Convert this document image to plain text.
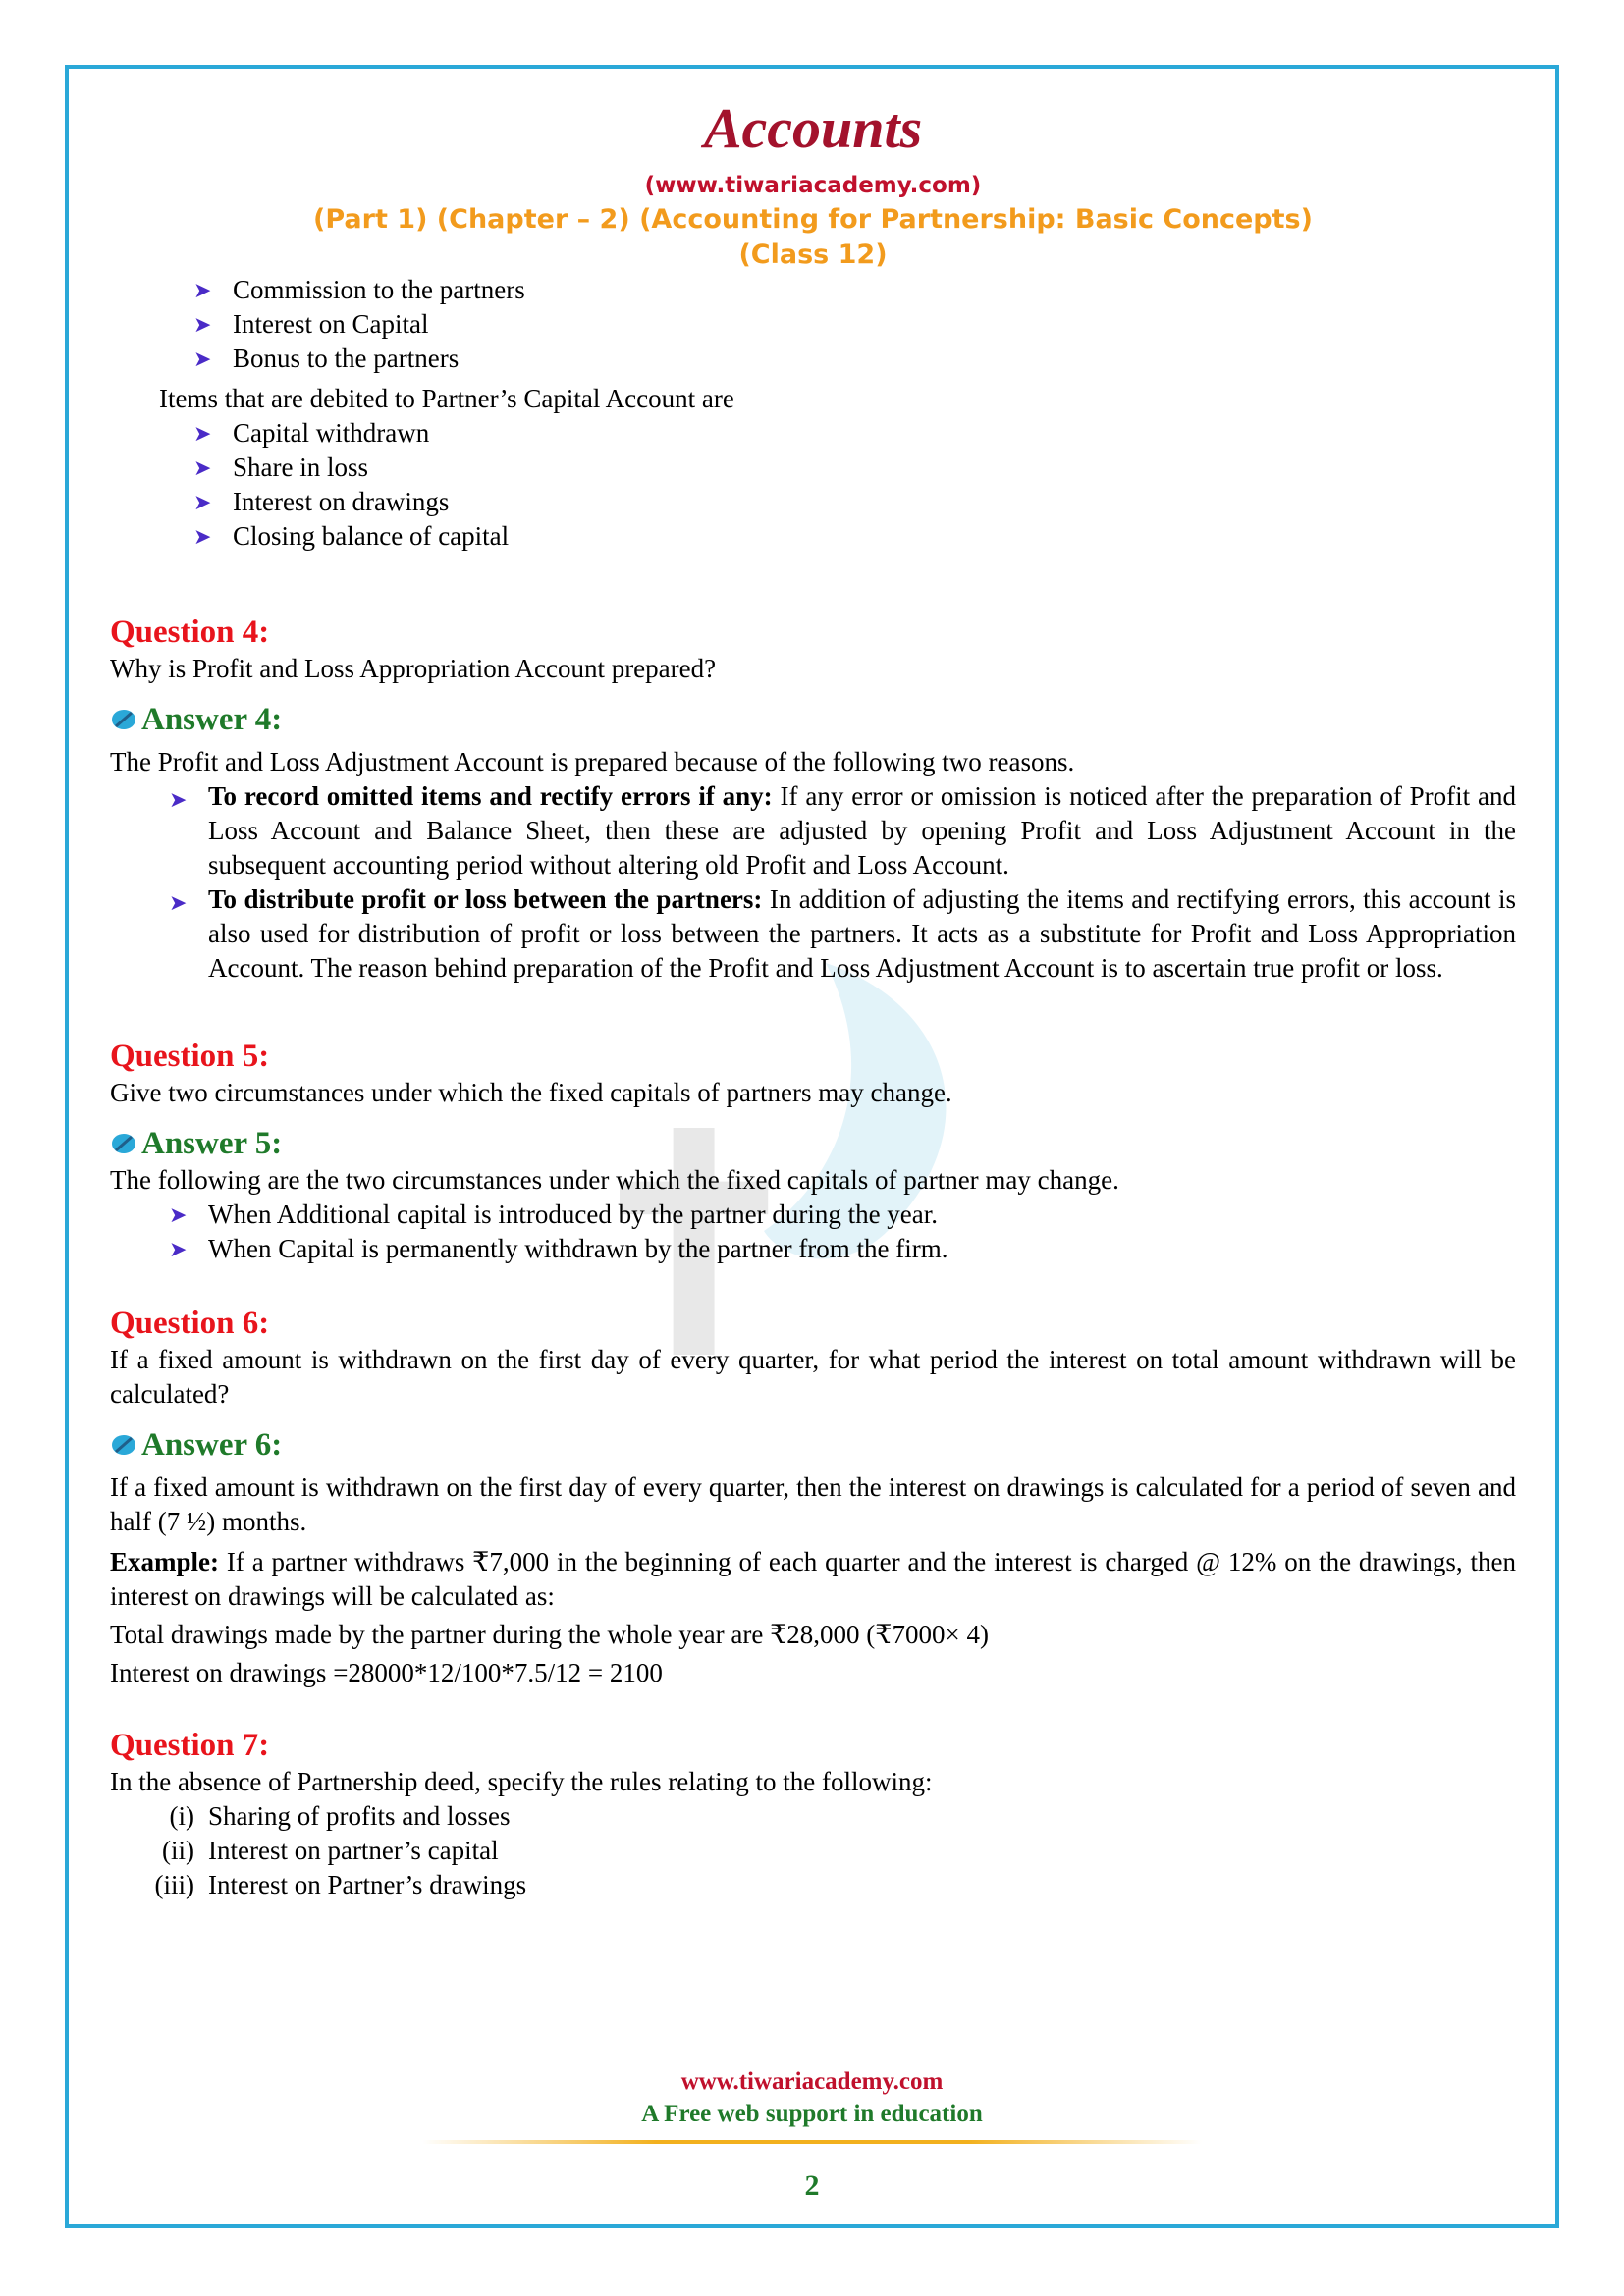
Accounts
(www.tiwariacademy.com)
(Part 1) (Chapter – 2) (Accounting for Partnership: Basic Concepts)
(Class 12)
➤ Commission to the partners
➤ Interest on Capital
➤ Bonus to the partners
Items that are debited to Partner’s Capital Account are
➤ Capital withdrawn
➤ Share in loss
➤ Interest on drawings
➤ Closing balance of capital
Question 4:
Why is Profit and Loss Appropriation Account prepared?
Answer 4:
The Profit and Loss Adjustment Account is prepared because of the following two reasons.
➤ To record omitted items and rectify errors if any: If any error or omission is noticed after the preparation of Profit and Loss Account and Balance Sheet, then these are adjusted by opening Profit and Loss Adjustment Account in the subsequent accounting period without altering old Profit and Loss Account.
➤ To distribute profit or loss between the partners: In addition of adjusting the items and rectifying errors, this account is also used for distribution of profit or loss between the partners. It acts as a substitute for Profit and Loss Appropriation Account. The reason behind preparation of the Profit and Loss Adjustment Account is to ascertain true profit or loss.
Question 5:
Give two circumstances under which the fixed capitals of partners may change.
Answer 5:
The following are the two circumstances under which the fixed capitals of partner may change.
➤ When Additional capital is introduced by the partner during the year.
➤ When Capital is permanently withdrawn by the partner from the firm.
Question 6:
If a fixed amount is withdrawn on the first day of every quarter, for what period the interest on total amount withdrawn will be calculated?
Answer 6:
If a fixed amount is withdrawn on the first day of every quarter, then the interest on drawings is calculated for a period of seven and half (7 ½) months.
Example: If a partner withdraws ₹7,000 in the beginning of each quarter and the interest is charged @ 12% on the drawings, then interest on drawings will be calculated as:
Total drawings made by the partner during the whole year are ₹28,000 (₹7000× 4)
Interest on drawings =28000*12/100*7.5/12 = 2100
Question 7:
In the absence of Partnership deed, specify the rules relating to the following:
(i) Sharing of profits and losses
(ii) Interest on partner’s capital
(iii) Interest on Partner’s drawings
www.tiwariacademy.com
A Free web support in education
2
